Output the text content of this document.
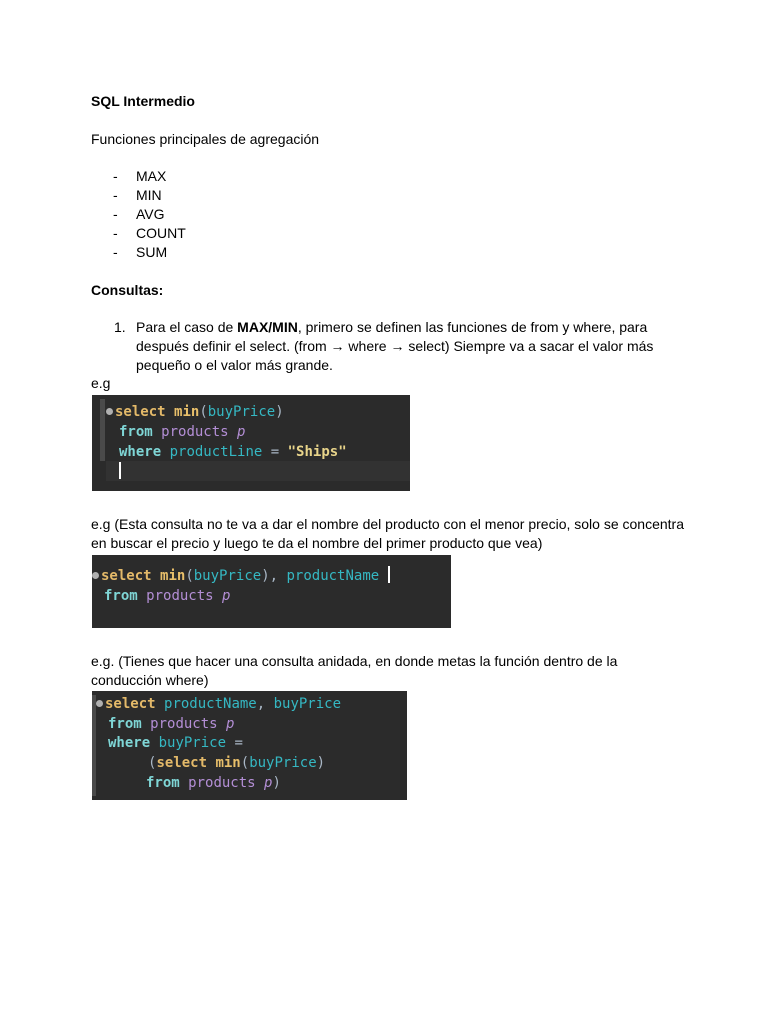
SQL Intermedio
Funciones principales de agregación
- MAX
- MIN
- AVG
- COUNT
- SUM
Consultas:
1. Para el caso de MAX/MIN, primero se definen las funciones de from y where, para
después definir el select. (from → where → select) Siempre va a sacar el valor más
pequeño o el valor más grande.
e.g
select min(buyPrice)
from products p
where productLine = "Ships"
e.g (Esta consulta no te va a dar el nombre del producto con el menor precio, solo se concentra
en buscar el precio y luego te da el nombre del primer producto que vea)
select min(buyPrice), productName
from products p
e.g. (Tienes que hacer una consulta anidada, en donde metas la función dentro de la
conducción where)
select productName, buyPrice
from products p
where buyPrice =
(select min(buyPrice)
from products p)
